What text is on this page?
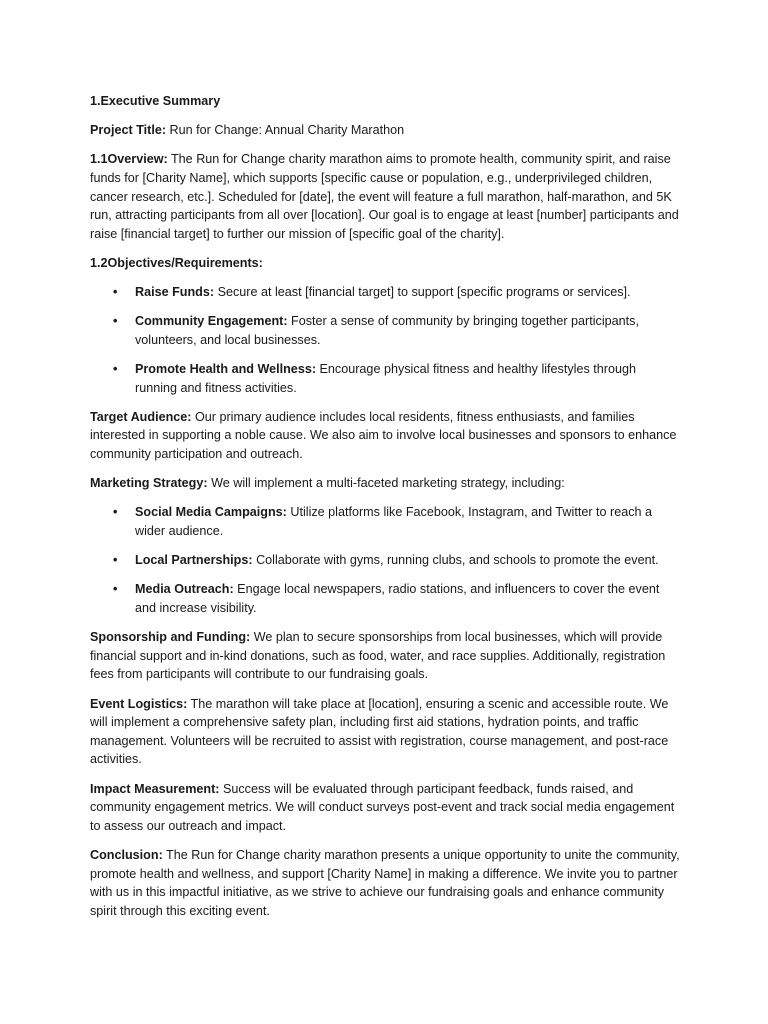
1.Executive Summary

Project Title: Run for Change: Annual Charity Marathon

1.1Overview: The Run for Change charity marathon aims to promote health, community spirit, and raise funds for [Charity Name], which supports [specific cause or population, e.g., underprivileged children, cancer research, etc.]. Scheduled for [date], the event will feature a full marathon, half-marathon, and 5K run, attracting participants from all over [location]. Our goal is to engage at least [number] participants and raise [financial target] to further our mission of [specific goal of the charity].

1.2Objectives/Requirements:

• Raise Funds: Secure at least [financial target] to support [specific programs or services].
• Community Engagement: Foster a sense of community by bringing together participants, volunteers, and local businesses.
• Promote Health and Wellness: Encourage physical fitness and healthy lifestyles through running and fitness activities.

Target Audience: Our primary audience includes local residents, fitness enthusiasts, and families interested in supporting a noble cause. We also aim to involve local businesses and sponsors to enhance community participation and outreach.

Marketing Strategy: We will implement a multi-faceted marketing strategy, including:

• Social Media Campaigns: Utilize platforms like Facebook, Instagram, and Twitter to reach a wider audience.
• Local Partnerships: Collaborate with gyms, running clubs, and schools to promote the event.
• Media Outreach: Engage local newspapers, radio stations, and influencers to cover the event and increase visibility.

Sponsorship and Funding: We plan to secure sponsorships from local businesses, which will provide financial support and in-kind donations, such as food, water, and race supplies. Additionally, registration fees from participants will contribute to our fundraising goals.

Event Logistics: The marathon will take place at [location], ensuring a scenic and accessible route. We will implement a comprehensive safety plan, including first aid stations, hydration points, and traffic management. Volunteers will be recruited to assist with registration, course management, and post-race activities.

Impact Measurement: Success will be evaluated through participant feedback, funds raised, and community engagement metrics. We will conduct surveys post-event and track social media engagement to assess our outreach and impact.

Conclusion: The Run for Change charity marathon presents a unique opportunity to unite the community, promote health and wellness, and support [Charity Name] in making a difference. We invite you to partner with us in this impactful initiative, as we strive to achieve our fundraising goals and enhance community spirit through this exciting event.
